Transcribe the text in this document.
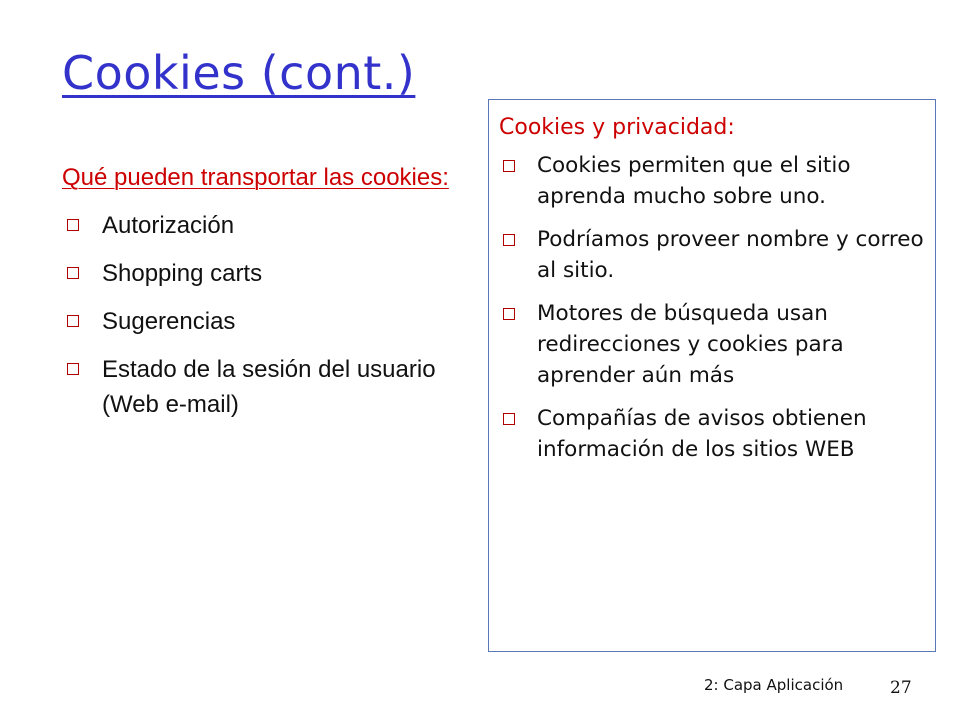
Cookies (cont.)
Qué pueden transportar las cookies:
Autorización
Shopping carts
Sugerencias
Estado de la sesión del usuario (Web e-mail)
Cookies y privacidad:
Cookies permiten que el sitio aprenda mucho sobre uno.
Podríamos proveer nombre y correo al sitio.
Motores de búsqueda usan redirecciones y cookies para aprender aún más
Compañías de avisos obtienen información de los sitios WEB
2: Capa Aplicación	27
